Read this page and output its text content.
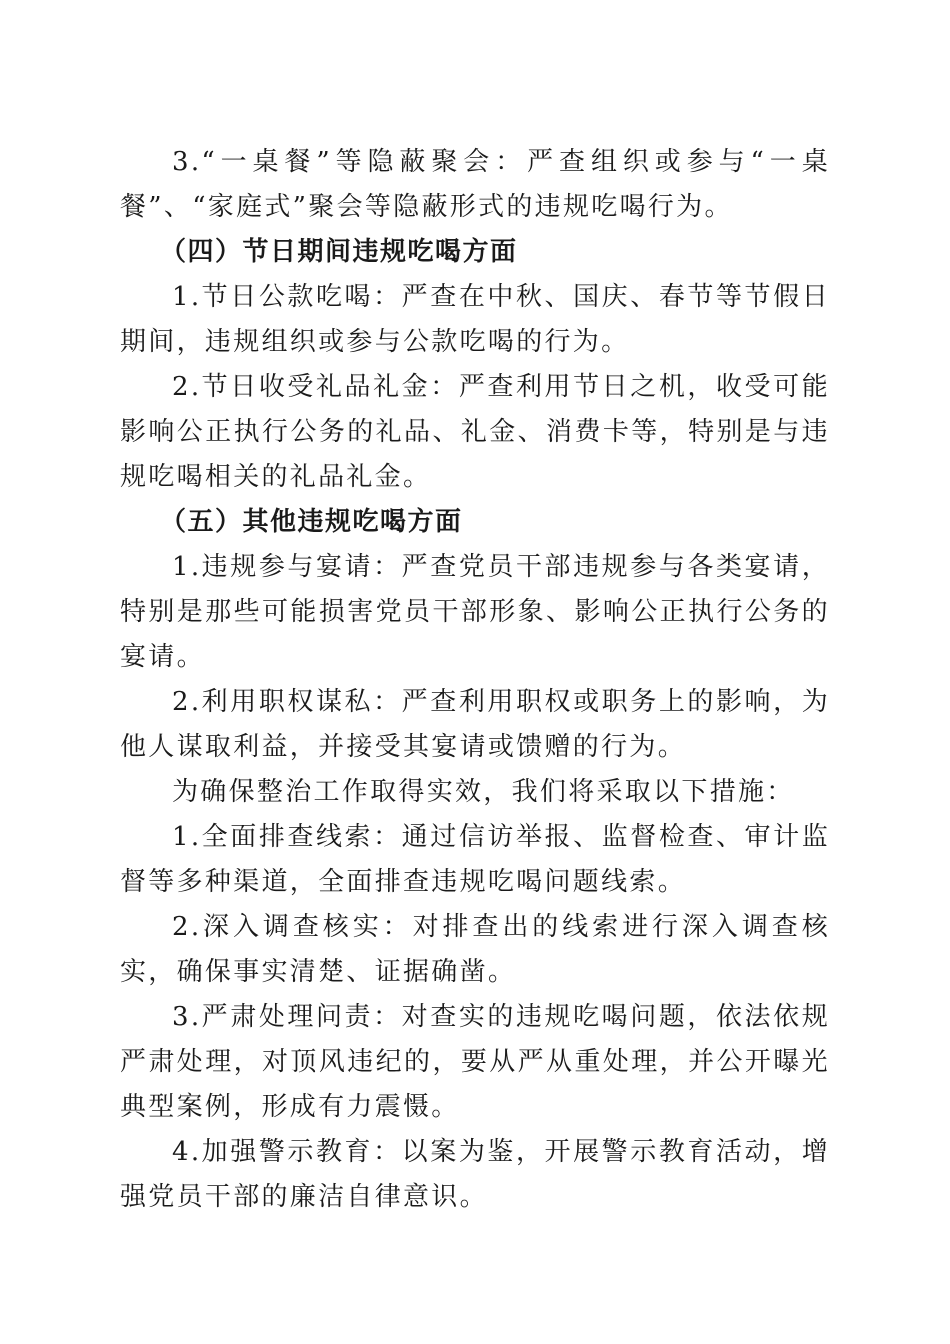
3.“一桌餐”等隐蔽聚会：严查组织或参与“一桌餐”、“家庭式”聚会等隐蔽形式的违规吃喝行为。

（四）节日期间违规吃喝方面

1.节日公款吃喝：严查在中秋、国庆、春节等节假日期间，违规组织或参与公款吃喝的行为。

2.节日收受礼品礼金：严查利用节日之机，收受可能影响公正执行公务的礼品、礼金、消费卡等，特别是与违规吃喝相关的礼品礼金。

（五）其他违规吃喝方面

1.违规参与宴请：严查党员干部违规参与各类宴请，特别是那些可能损害党员干部形象、影响公正执行公务的宴请。

2.利用职权谋私：严查利用职权或职务上的影响，为他人谋取利益，并接受其宴请或馈赠的行为。

为确保整治工作取得实效，我们将采取以下措施：

1.全面排查线索：通过信访举报、监督检查、审计监督等多种渠道，全面排查违规吃喝问题线索。

2.深入调查核实：对排查出的线索进行深入调查核实，确保事实清楚、证据确凿。

3.严肃处理问责：对查实的违规吃喝问题，依法依规严肃处理，对顶风违纪的，要从严从重处理，并公开曝光典型案例，形成有力震慑。

4.加强警示教育：以案为鉴，开展警示教育活动，增强党员干部的廉洁自律意识。
